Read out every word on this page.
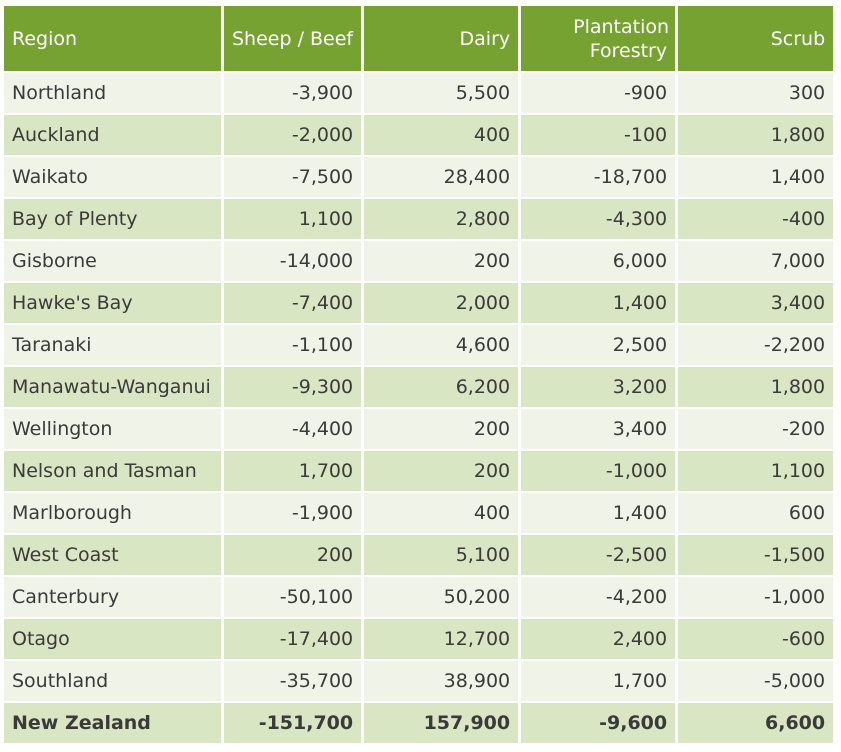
Region	Sheep / Beef	Dairy	Plantation Forestry	Scrub
Northland	-3,900	5,500	-900	300
Auckland	-2,000	400	-100	1,800
Waikato	-7,500	28,400	-18,700	1,400
Bay of Plenty	1,100	2,800	-4,300	-400
Gisborne	-14,000	200	6,000	7,000
Hawke's Bay	-7,400	2,000	1,400	3,400
Taranaki	-1,100	4,600	2,500	-2,200
Manawatu-Wanganui	-9,300	6,200	3,200	1,800
Wellington	-4,400	200	3,400	-200
Nelson and Tasman	1,700	200	-1,000	1,100
Marlborough	-1,900	400	1,400	600
West Coast	200	5,100	-2,500	-1,500
Canterbury	-50,100	50,200	-4,200	-1,000
Otago	-17,400	12,700	2,400	-600
Southland	-35,700	38,900	1,700	-5,000
New Zealand	-151,700	157,900	-9,600	6,600
